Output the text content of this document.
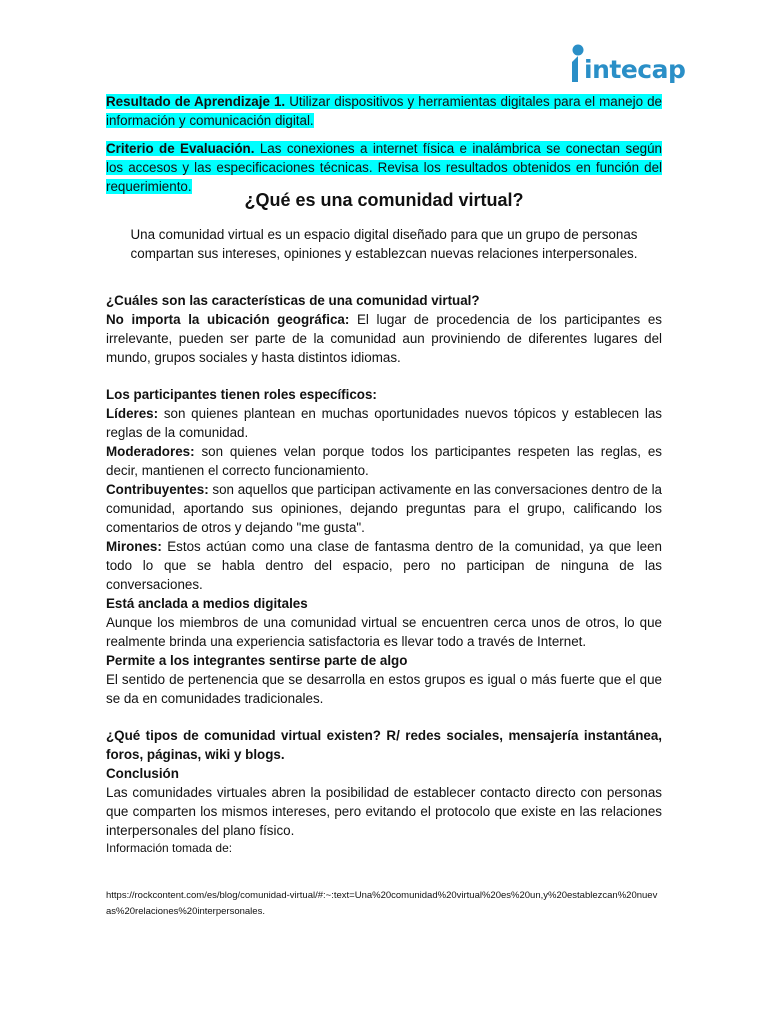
intecap

Resultado de Aprendizaje 1. Utilizar dispositivos y herramientas digitales para el manejo de información y comunicación digital.

Criterio de Evaluación. Las conexiones a internet física e inalámbrica se conectan según los accesos y las especificaciones técnicas. Revisa los resultados obtenidos en función del requerimiento.

¿Qué es una comunidad virtual?
Una comunidad virtual es un espacio digital diseñado para que un grupo de personas compartan sus intereses, opiniones y establezcan nuevas relaciones interpersonales.

¿Cuáles son las características de una comunidad virtual?

No importa la ubicación geográfica: El lugar de procedencia de los participantes es irrelevante, pueden ser parte de la comunidad aun proviniendo de diferentes lugares del mundo, grupos sociales y hasta distintos idiomas.

Los participantes tienen roles específicos:

Líderes: son quienes plantean en muchas oportunidades nuevos tópicos y establecen las reglas de la comunidad.

Moderadores: son quienes velan porque todos los participantes respeten las reglas, es decir, mantienen el correcto funcionamiento.

Contribuyentes: son aquellos que participan activamente en las conversaciones dentro de la comunidad, aportando sus opiniones, dejando preguntas para el grupo, calificando los comentarios de otros y dejando "me gusta".

Mirones: Estos actúan como una clase de fantasma dentro de la comunidad, ya que leen todo lo que se habla dentro del espacio, pero no participan de ninguna de las conversaciones.

Está anclada a medios digitales

Aunque los miembros de una comunidad virtual se encuentren cerca unos de otros, lo que realmente brinda una experiencia satisfactoria es llevar todo a través de Internet.

Permite a los integrantes sentirse parte de algo

El sentido de pertenencia que se desarrolla en estos grupos es igual o más fuerte que el que se da en comunidades tradicionales.

¿Qué tipos de comunidad virtual existen? R/ redes sociales, mensajería instantánea, foros, páginas, wiki y blogs.

Conclusión

Las comunidades virtuales abren la posibilidad de establecer contacto directo con personas que comparten los mismos intereses, pero evitando el protocolo que existe en las relaciones interpersonales del plano físico.

Información tomada de:

https://rockcontent.com/es/blog/comunidad-virtual/#:~:text=Una%20comunidad%20virtual%20es%20un,y%20establezcan%20nuevas%20relaciones%20interpersonales.
